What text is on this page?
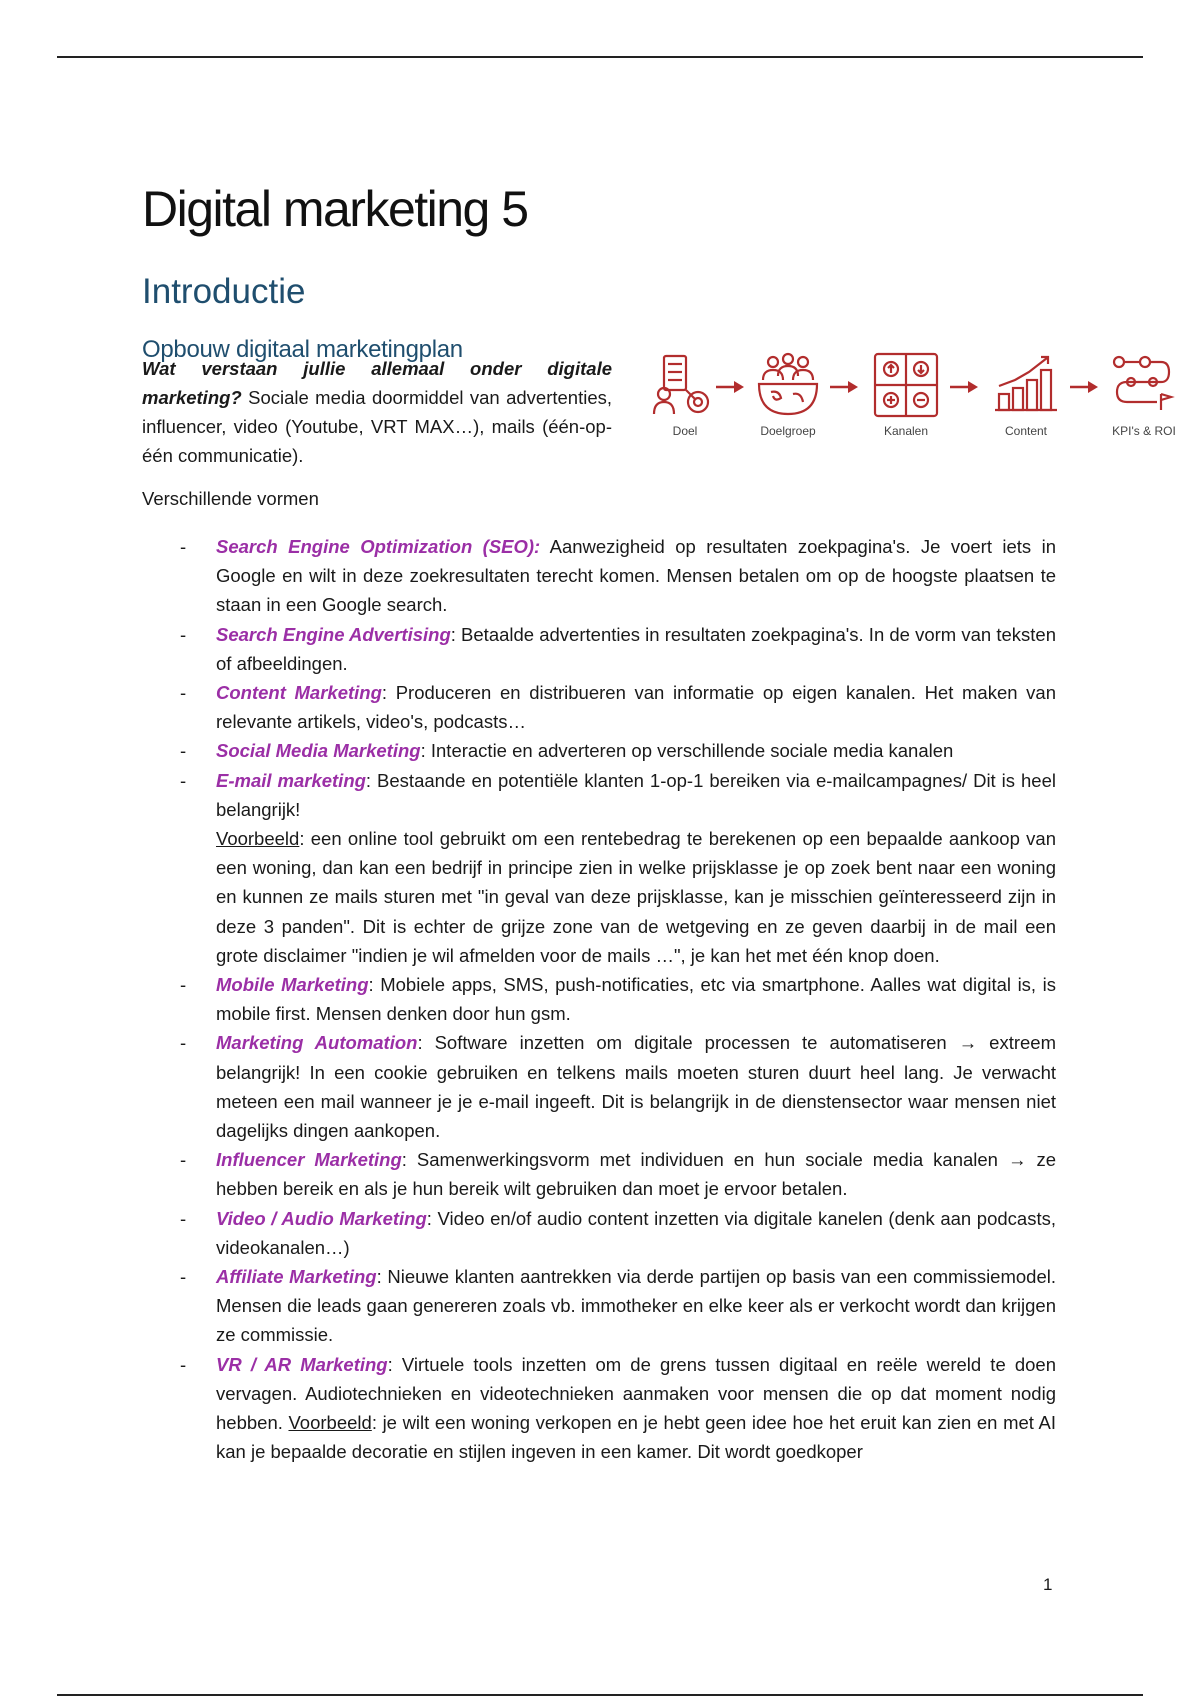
Digital marketing 5
Introductie
Opbouw digitaal marketingplan
Wat verstaan jullie allemaal onder digitale marketing? Sociale media doormiddel van advertenties, influencer, video (Youtube, VRT MAX…), mails (één-op-één communicatie).
Doel	Doelgroep	Kanalen	Content	KPI's & ROI
Verschillende vormen
- Search Engine Optimization (SEO): Aanwezigheid op resultaten zoekpagina's. Je voert iets in Google en wilt in deze zoekresultaten terecht komen. Mensen betalen om op de hoogste plaatsen te staan in een Google search.
- Search Engine Advertising: Betaalde advertenties in resultaten zoekpagina's. In de vorm van teksten of afbeeldingen.
- Content Marketing: Produceren en distribueren van informatie op eigen kanalen. Het maken van relevante artikels, video's, podcasts…
- Social Media Marketing: Interactie en adverteren op verschillende sociale media kanalen
- E-mail marketing: Bestaande en potentiële klanten 1-op-1 bereiken via e-mailcampagnes/ Dit is heel belangrijk!
Voorbeeld: een online tool gebruikt om een rentebedrag te berekenen op een bepaalde aankoop van een woning, dan kan een bedrijf in principe zien in welke prijsklasse je op zoek bent naar een woning en kunnen ze mails sturen met "in geval van deze prijsklasse, kan je misschien geïnteresseerd zijn in deze 3 panden". Dit is echter de grijze zone van de wetgeving en ze geven daarbij in de mail een grote disclaimer "indien je wil afmelden voor de mails …", je kan het met één knop doen.
- Mobile Marketing: Mobiele apps, SMS, push-notificaties, etc via smartphone. Aalles wat digital is, is mobile first. Mensen denken door hun gsm.
- Marketing Automation: Software inzetten om digitale processen te automatiseren → extreem belangrijk! In een cookie gebruiken en telkens mails moeten sturen duurt heel lang. Je verwacht meteen een mail wanneer je je e-mail ingeeft. Dit is belangrijk in de dienstensector waar mensen niet dagelijks dingen aankopen.
- Influencer Marketing: Samenwerkingsvorm met individuen en hun sociale media kanalen → ze hebben bereik en als je hun bereik wilt gebruiken dan moet je ervoor betalen.
- Video / Audio Marketing: Video en/of audio content inzetten via digitale kanelen (denk aan podcasts, videokanalen…)
- Affiliate Marketing: Nieuwe klanten aantrekken via derde partijen op basis van een commissiemodel. Mensen die leads gaan genereren zoals vb. immotheker en elke keer als er verkocht wordt dan krijgen ze commissie.
- VR / AR Marketing: Virtuele tools inzetten om de grens tussen digitaal en reële wereld te doen vervagen. Audiotechnieken en videotechnieken aanmaken voor mensen die op dat moment nodig hebben. Voorbeeld: je wilt een woning verkopen en je hebt geen idee hoe het eruit kan zien en met AI kan je bepaalde decoratie en stijlen ingeven in een kamer. Dit wordt goedkoper
1
